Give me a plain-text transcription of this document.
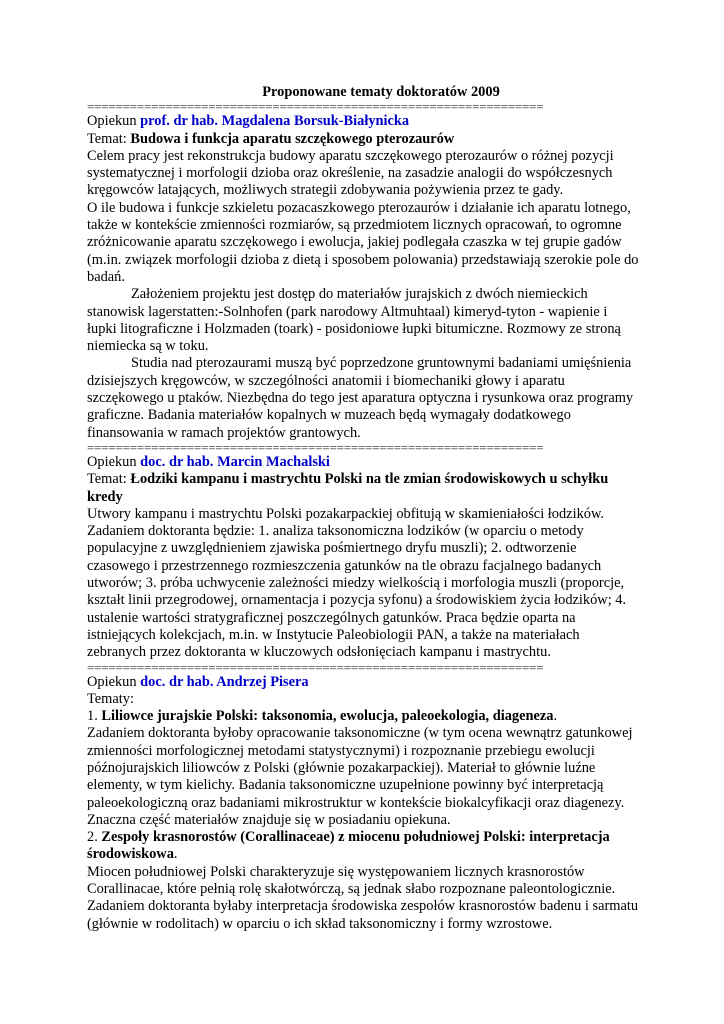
Proponowane tematy doktoratów 2009
================================================================
Opiekun prof. dr hab. Magdalena Borsuk-Białynicka
Temat: Budowa i funkcja aparatu szczękowego pterozaurów

Celem pracy jest rekonstrukcja budowy aparatu szczękowego pterozaurów o różnej pozycji systematycznej i morfologii dzioba oraz określenie, na zasadzie analogii do współczesnych kręgowców latających, możliwych strategii zdobywania pożywienia przez te gady.

O ile budowa i funkcje szkieletu pozacaszkowego pterozaurów i działanie ich aparatu lotnego, także w kontekście zmienności rozmiarów, są przedmiotem licznych opracowań, to ogromne zróżnicowanie aparatu szczękowego i ewolucja, jakiej podlegała czaszka w tej grupie gadów (m.in. związek morfologii dzioba z dietą i sposobem polowania) przedstawiają szerokie pole do badań.

Założeniem projektu jest dostęp do materiałów jurajskich z dwóch niemieckich stanowisk lagerstatten:-Solnhofen (park narodowy Altmuhtaal) kimeryd-tyton - wapienie i łupki litograficzne i Holzmaden (toark) - posidoniowe łupki bitumiczne. Rozmowy ze stroną niemiecka są w toku.

Studia nad pterozaurami muszą być poprzedzone gruntownymi badaniami umięśnienia dzisiejszych kręgowców, w szczególności anatomii i biomechaniki głowy i aparatu szczękowego u ptaków. Niezbędna do tego jest aparatura optyczna i rysunkowa oraz programy graficzne. Badania materiałów kopalnych w muzeach będą wymagały dodatkowego finansowania w ramach projektów grantowych.

================================================================
Opiekun doc. dr hab. Marcin Machalski
Temat: Łodziki kampanu i mastrychtu Polski na tle zmian środowiskowych u schyłku kredy

Utwory kampanu i mastrychtu Polski pozakarpackiej obfitują w skamieniałości łodzików. Zadaniem doktoranta będzie: 1. analiza taksonomiczna lodzików (w oparciu o metody populacyjne z uwzględnieniem zjawiska pośmiertnego dryfu muszli); 2. odtworzenie czasowego i przestrzennego rozmieszczenia gatunków na tle obrazu facjalnego badanych utworów; 3. próba uchwycenie zależności miedzy wielkością i morfologia muszli (proporcje, kształt linii przegrodowej, ornamentacja i pozycja syfonu) a środowiskiem życia łodzików; 4. ustalenie wartości stratygraficznej poszczególnych gatunków. Praca będzie oparta na istniejących kolekcjach, m.in. w Instytucie Paleobiologii PAN, a także na materiałach zebranych przez doktoranta w kluczowych odsłonięciach kampanu i mastrychtu.

================================================================
Opiekun doc. dr hab. Andrzej Pisera
Tematy:
1. Liliowce jurajskie Polski: taksonomia, ewolucja, paleoekologia, diageneza.

Zadaniem doktoranta byłoby opracowanie taksonomiczne (w tym ocena wewnątrz gatunkowej zmienności morfologicznej metodami statystycznymi) i rozpoznanie przebiegu ewolucji późnojurajskich liliowców z Polski (głównie pozakarpackiej). Materiał to głównie luźne elementy, w tym kielichy. Badania taksonomiczne uzupełnione powinny być interpretacją paleoekologiczną oraz badaniami mikrostruktur w kontekście biokalcyfikacji oraz diagenezy. Znaczna część materiałów znajduje się w posiadaniu opiekuna.

2. Zespoły krasnorostów (Corallinaceae) z miocenu południowej Polski: interpretacja środowiskowa.

Miocen południowej Polski charakteryzuje się występowaniem licznych krasnorostów Corallinacae, które pełnią rolę skałotwórczą, są jednak słabo rozpoznane paleontologicznie. Zadaniem doktoranta byłaby interpretacja środowiska zespołów krasnorostów badenu i sarmatu (głównie w rodolitach) w oparciu o ich skład taksonomiczny i formy wzrostowe.
